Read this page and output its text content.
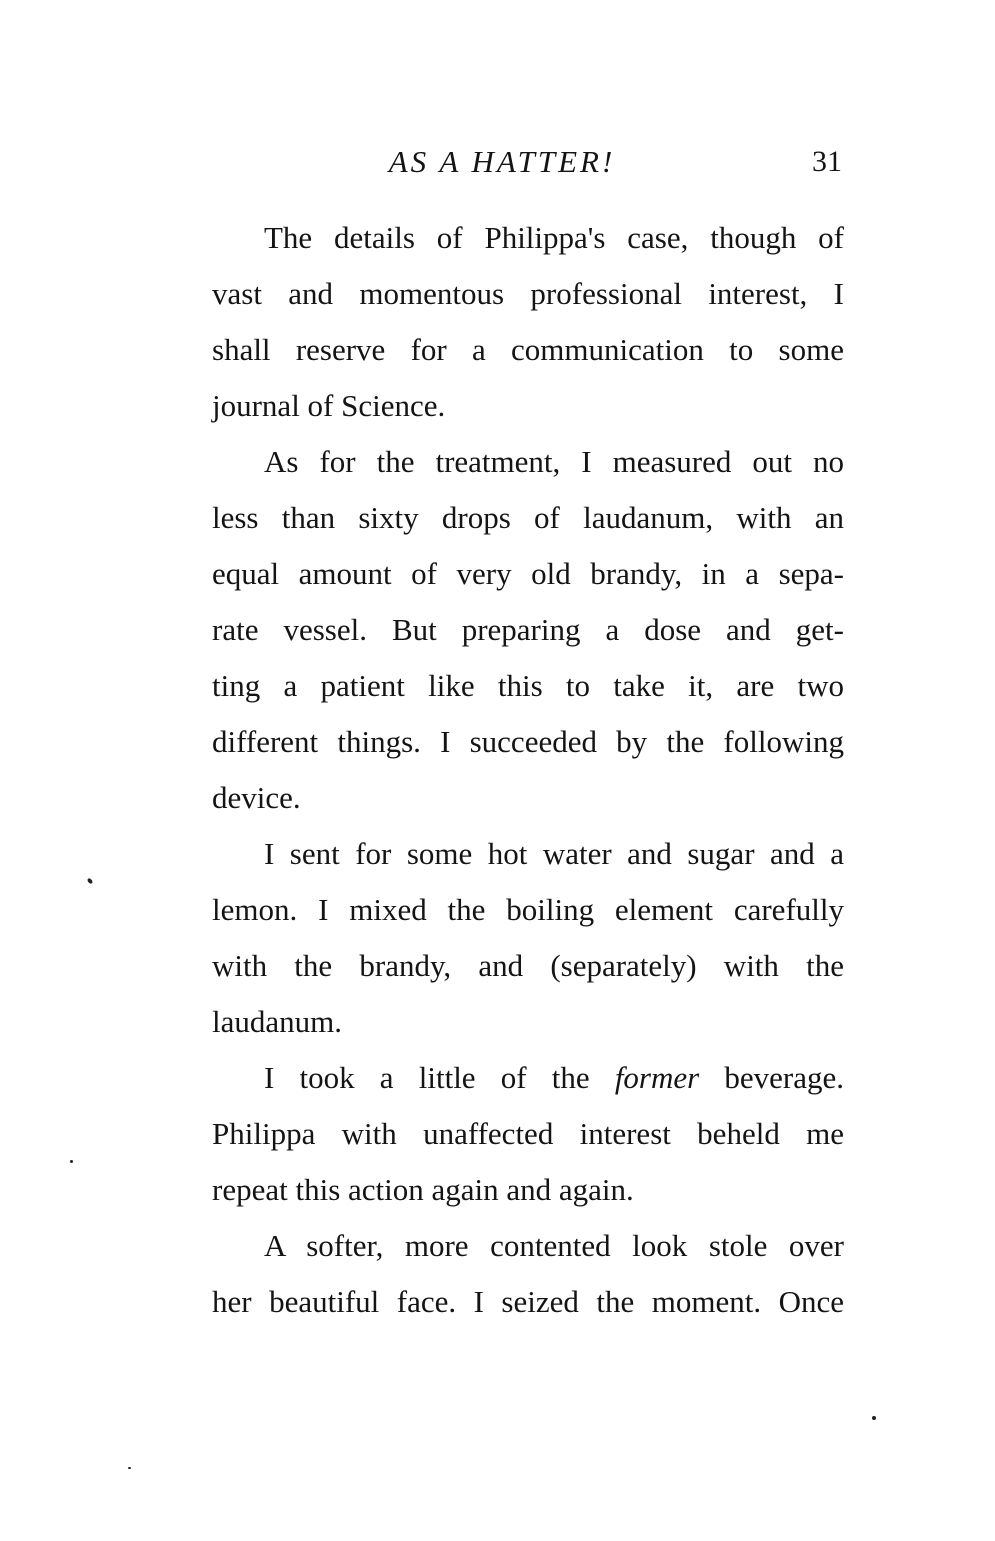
AS A HATTER!	31
The details of Philippa's case, though of
vast and momentous professional interest, I
shall reserve for a communication to some
journal of Science.
As for the treatment, I measured out no
less than sixty drops of laudanum, with an
equal amount of very old brandy, in a sepa-
rate vessel. But preparing a dose and get-
ting a patient like this to take it, are two
different things. I succeeded by the following
device.
I sent for some hot water and sugar and a
lemon. I mixed the boiling element carefully
with the brandy, and (separately) with the
laudanum.
I took a little of the former beverage.
Philippa with unaffected interest beheld me
repeat this action again and again.
A softer, more contented look stole over
her beautiful face. I seized the moment. Once
